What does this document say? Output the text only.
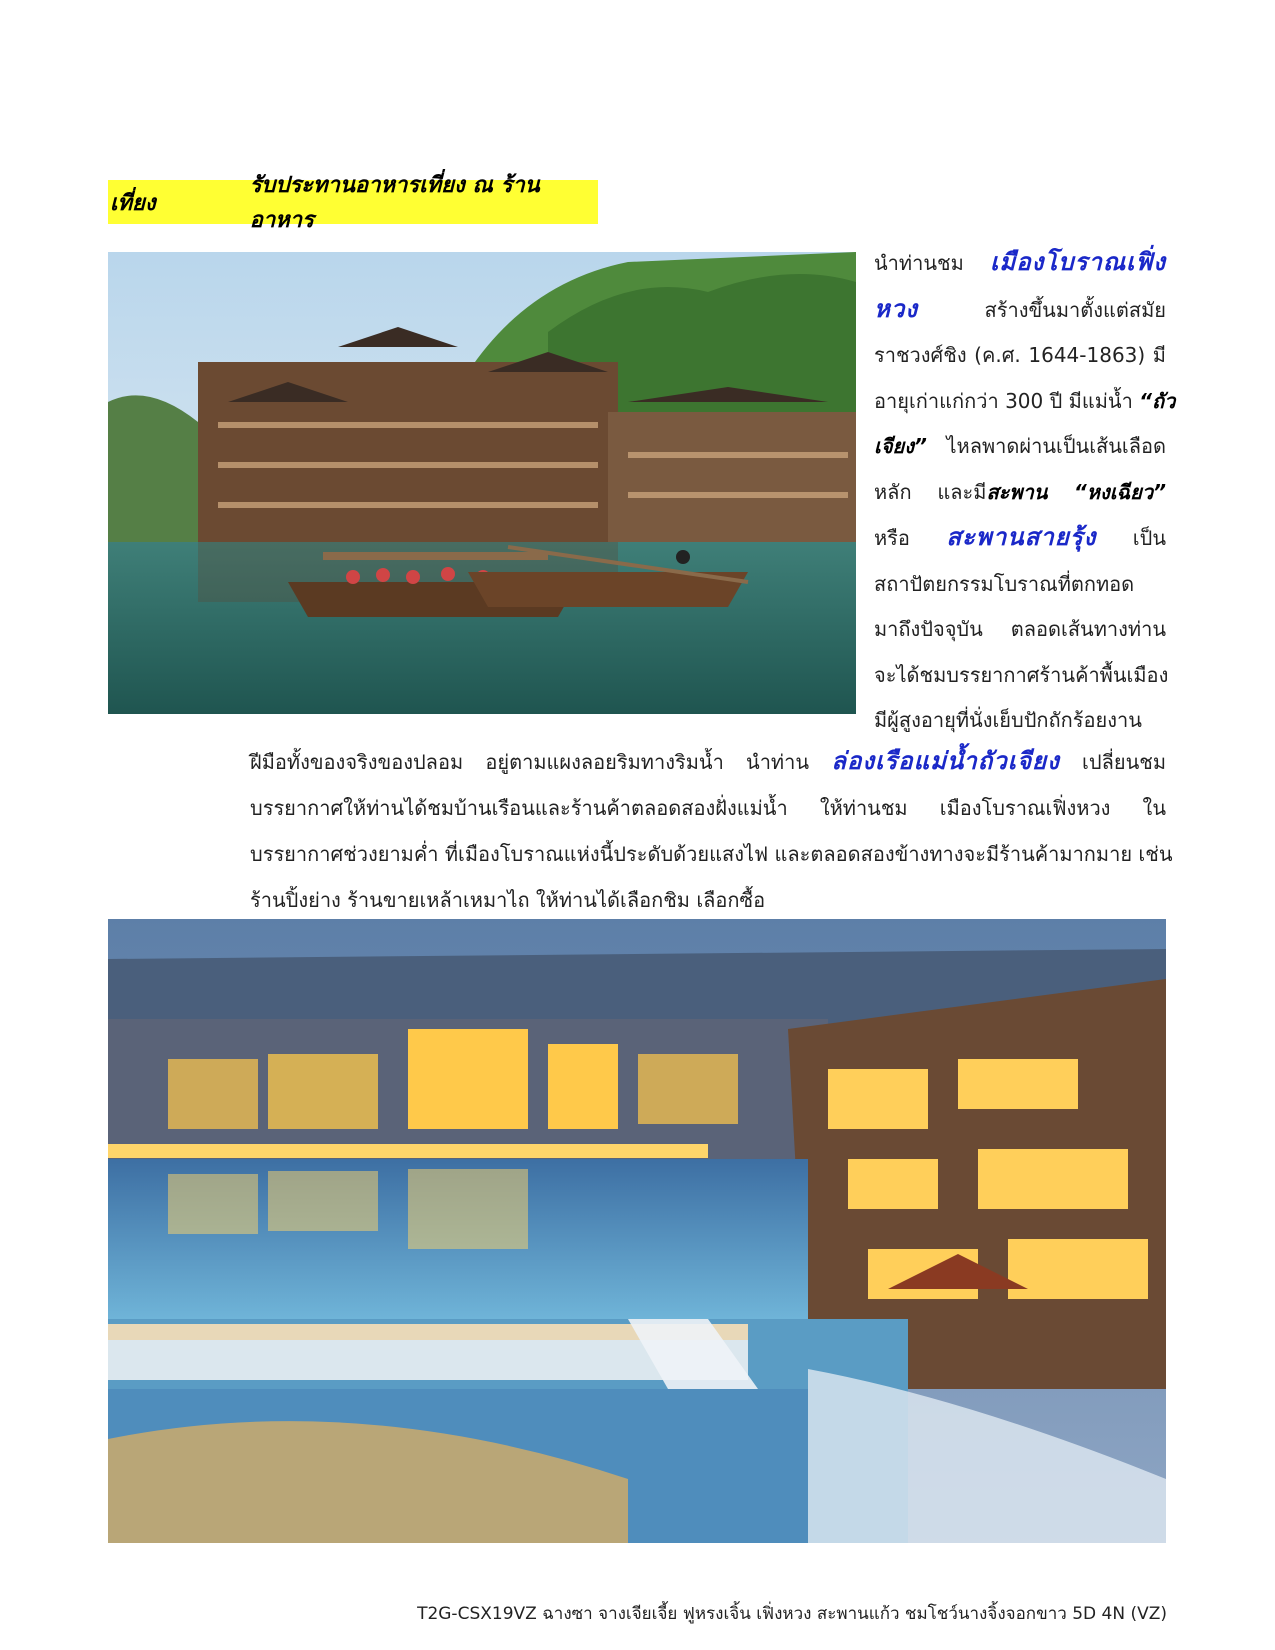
เที่ยง
รับประทานอาหารเที่ยง ณ ร้านอาหาร
นำท่านชม เมืองโบราณเฟิ่ง
หวง สร้างขึ้นมาตั้งแต่สมัย
ราชวงศ์ชิง (ค.ศ. 1644-1863) มี
อายุเก่าแก่กว่า 300 ปี มีแม่น้ำ “ถัว
เจียง” ไหลพาดผ่านเป็นเส้นเลือด
หลัก และมีสะพาน “หงเฉียว”
หรือ สะพานสายรุ้ง เป็น
สถาปัตยกรรมโบราณที่ตกทอด
มาถึงปัจจุบัน ตลอดเส้นทางท่าน
จะได้ชมบรรยากาศร้านค้าพื้นเมือง
มีผู้สูงอายุที่นั่งเย็บปักถักร้อยงาน
ฝีมือทั้งของจริงของปลอม อยู่ตามแผงลอยริมทางริมน้ำ นำท่าน ล่องเรือแม่น้ำถัวเจียง เปลี่ยนชม
บรรยากาศให้ท่านได้ชมบ้านเรือนและร้านค้าตลอดสองฝั่งแม่น้ำ ให้ท่านชม เมืองโบราณเฟิ่งหวง ใน
บรรยากาศช่วงยามค่ำ ที่เมืองโบราณแห่งนี้ประดับด้วยแสงไฟ และตลอดสองข้างทางจะมีร้านค้ามากมาย เช่น
ร้านปิ้งย่าง ร้านขายเหล้าเหมาไถ ให้ท่านได้เลือกชิม เลือกซื้อ
T2G-CSX19VZ ฉางซา จางเจียเจี้ย ฟูหรงเจิ้น เฟิ่งหวง สะพานแก้ว ชมโชว์นางจิ้งจอกขาว 5D 4N (VZ)
